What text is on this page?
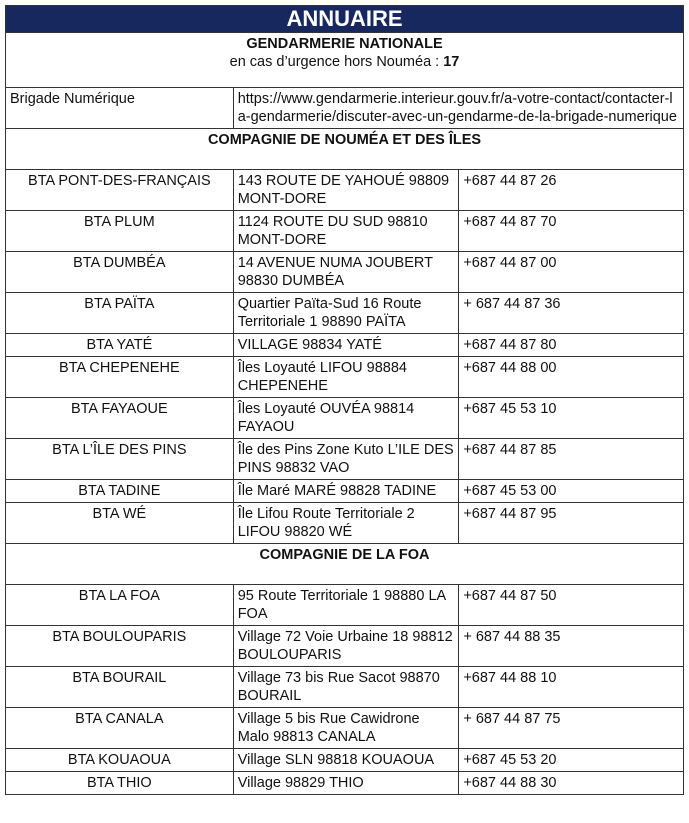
ANNUAIRE		

GENDARMERIE NATIONALE
en cas d’urgence hors Nouméa : 17		

Brigade Numérique	https://www.gendarmerie.interieur.gouv.fr/a-votre-contact/contacter-la-gendarmerie/discuter-avec-un-gendarme-de-la-brigade-numerique	
COMPAGNIE DE NOUMÉA ET DES ÎLES		
BTA PONT-DES-FRANÇAIS	143 ROUTE DE YAHOUÉ 98809 MONT-DORE	+687 44 87 26
BTA PLUM	1124 ROUTE DU SUD 98810 MONT-DORE	+687 44 87 70
BTA DUMBÉA	14 AVENUE NUMA JOUBERT 98830 DUMBÉA	+687 44 87 00
BTA PAÏTA	Quartier Païta-Sud 16 Route Territoriale 1 98890 PAÏTA	+ 687 44 87 36
BTA YATÉ	VILLAGE 98834 YATÉ	+687 44 87 80
BTA CHEPENEHE	Îles Loyauté LIFOU 98884 CHEPENEHE	+687 44 88 00
BTA FAYAOUE	Îles Loyauté OUVÉA 98814 FAYAOU	+687 45 53 10
BTA L’ÎLE DES PINS	Île des Pins Zone Kuto L’ILE DES PINS 98832 VAO	+687 44 87 85
BTA TADINE	Île Maré MARÉ 98828 TADINE	+687 45 53 00
BTA WÉ	Île Lifou Route Territoriale 2 LIFOU 98820 WÉ	+687 44 87 95
COMPAGNIE DE LA FOA		
BTA LA FOA	95 Route Territoriale 1 98880 LA FOA	+687 44 87 50
BTA BOULOUPARIS	Village 72 Voie Urbaine 18 98812 BOULOUPARIS	+ 687 44 88 35
BTA BOURAIL	Village 73 bis Rue Sacot 98870 BOURAIL	+687 44 88 10
BTA CANALA	Village 5 bis Rue Cawidrone Malo 98813 CANALA	+ 687 44 87 75
BTA KOUAOUA	Village SLN 98818 KOUAOUA	+687 45 53 20
BTA THIO	Village 98829 THIO	+687 44 88 30
